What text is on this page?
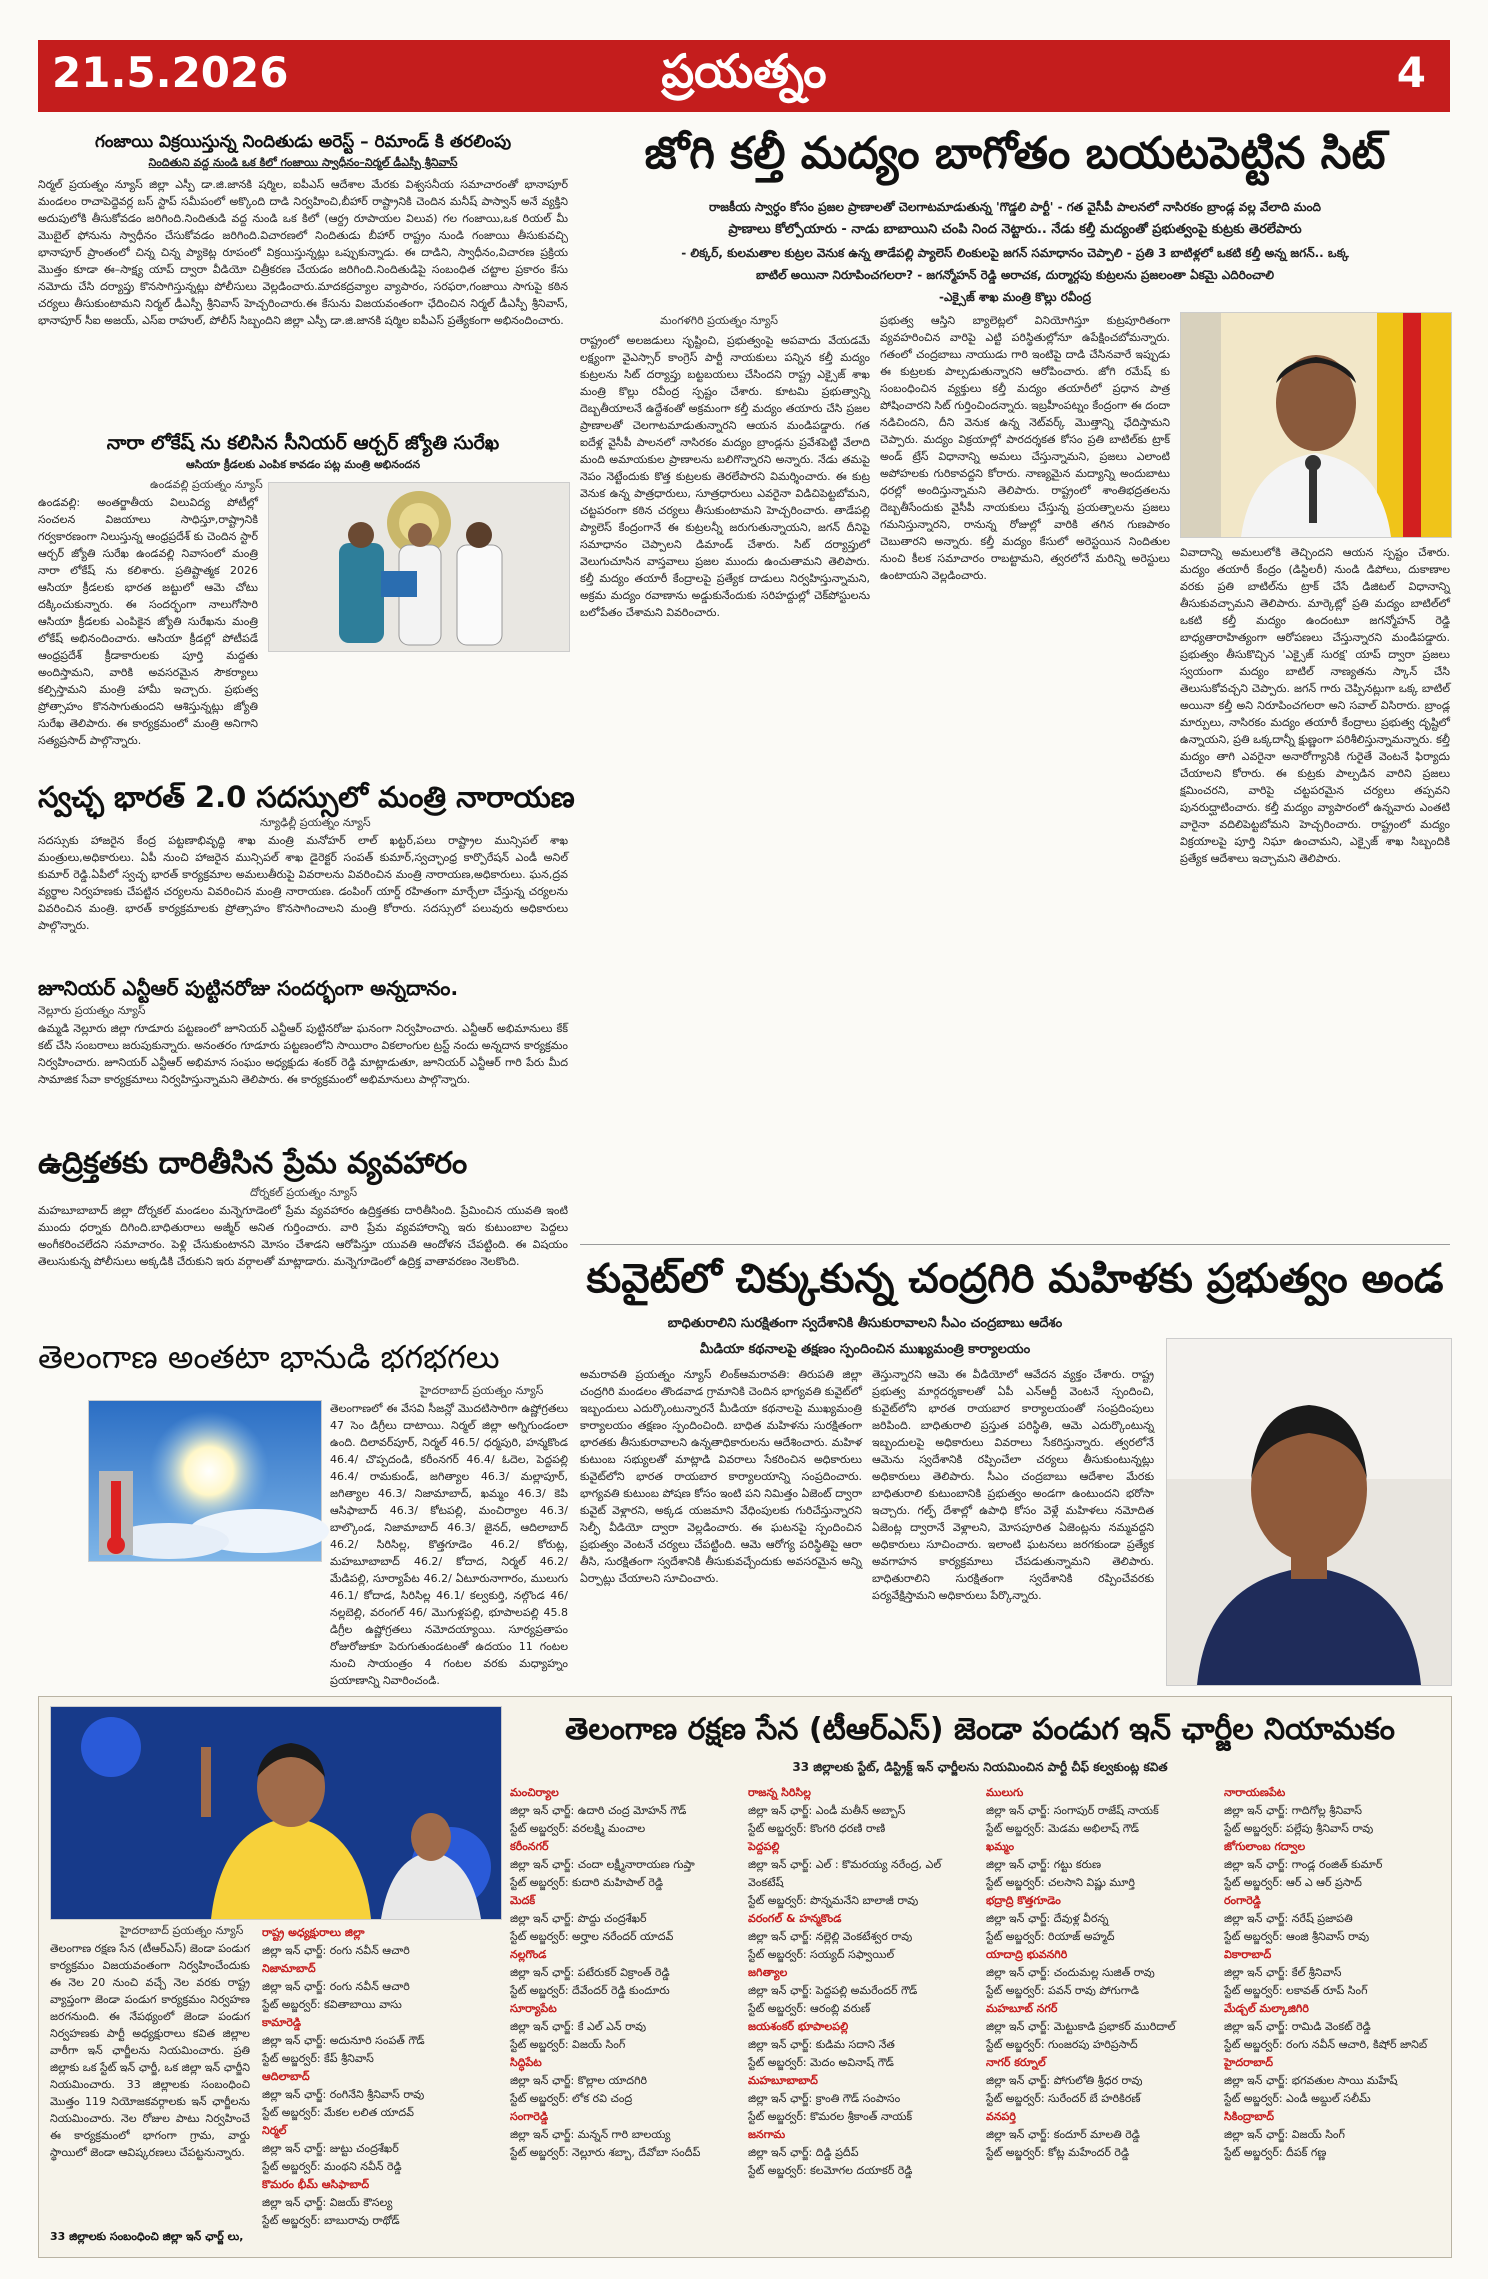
21.5.2026	ప్రయత్నం	4
గంజాయి విక్రయిస్తున్న నిందితుడు అరెస్ట్ – రిమాండ్ కి తరలింపు
నిందితుని వద్ద నుండి ఒక కిలో గంజాయి స్వాధీనం–నిర్మల్ డీఎస్పీ శ్రీనివాస్
నిర్మల్ ప్రయత్నం న్యూస్ జిల్లా ఎస్పీ డా.జి.జానకి షర్మిల, ఐపీఎస్ ఆదేశాల మేరకు విశ్వసనీయ సమాచారంతో భానాపూర్ మండలం రాచాపెద్దెవర్ల బస్ స్టాప్ సమీపంలో అక్కొంది దాడి నిర్వహించి,బీహార్ రాష్ట్రానికి చెందిన మనీష్ పాస్వాన్ అనే వ్యక్తిని అదుపులోకి తీసుకోవడం జరిగింది.నిందితుడి వద్ద నుండి ఒక కిలో (ఆర్ద్ర రూపాయల విలువ) గల గంజాయి,ఒక రియల్ మీ మొబైల్ ఫోనును స్వాధీనం చేసుకోవడం జరిగింది.విచారణలో నిందితుడు బీహార్ రాష్ట్రం నుండి గంజాయి తీసుకువచ్చి భానాపూర్ ప్రాంతంలో చిన్న చిన్న ప్యాకెట్ల రూపంలో విక్రయిస్తున్నట్లు ఒప్పుకున్నాడు. ఈ దాడిని, స్వాధీనం,విచారణ ప్రక్రియ మొత్తం కూడా ఈ–సాక్ష్య యాప్ ద్వారా వీడియో చిత్రీకరణ చేయడం జరిగింది.నిందితుడిపై సంబంధిత చట్టాల ప్రకారం కేసు నమోదు చేసి దర్యాప్తు కొనసాగిస్తున్నట్లు పోలీసులు వెల్లడించారు.మాదకద్రవ్యాల వ్యాపారం, సరఫరా,గంజాయి సాగుపై కఠిన చర్యలు తీసుకుంటామని నిర్మల్ డీఎస్పీ శ్రీనివాస్ హెచ్చరించారు.ఈ కేసును విజయవంతంగా ఛేదించిన నిర్మల్ డీఎస్పీ శ్రీనివాస్, భానాపూర్ సీఐ అజయ్, ఎస్ఐ రాహుల్, పోలీస్ సిబ్బందిని జిల్లా ఎస్పీ డా.జి.జానకి షర్మిల ఐపీఎస్ ప్రత్యేకంగా అభినందించారు.
నారా లోకేష్ ను కలిసిన సీనియర్ ఆర్చర్ జ్యోతి సురేఖ
ఆసియా క్రీడలకు ఎంపిక కావడం పట్ల మంత్రి అభినందన
ఉండవల్లి ప్రయత్నం న్యూస్
ఉండవల్లి: అంతర్జాతీయ విలువిద్య పోటీల్లో సంచలన విజయాలు సాధిస్తూ,రాష్ట్రానికి గర్వకారణంగా నిలుస్తున్న ఆంధ్రప్రదేశ్ కు చెందిన స్టార్ ఆర్చర్ జ్యోతి సురేఖ ఉండవల్లి నివాసంలో మంత్రి నారా లోకేష్ ను కలిశారు. ప్రతిష్టాత్మక 2026 ఆసియా క్రీడలకు భారత జట్టులో ఆమె చోటు దక్కించుకున్నారు. ఈ సందర్భంగా నాలుగోసారి ఆసియా క్రీడలకు ఎంపికైన జ్యోతి సురేఖను మంత్రి లోకేష్ అభినందించారు. ఆసియా క్రీడల్లో పోటీపడే ఆంధ్రప్రదేశ్ క్రీడాకారులకు పూర్తి మద్దతు అందిస్తామని, వారికి అవసరమైన సౌకర్యాలు కల్పిస్తామని మంత్రి హామీ ఇచ్చారు. ప్రభుత్వ ప్రోత్సాహం కొనసాగుతుందని ఆశిస్తున్నట్లు జ్యోతి సురేఖ తెలిపారు. ఈ కార్యక్రమంలో మంత్రి అనిగాని సత్యప్రసాద్ పాల్గొన్నారు.
స్వచ్ఛ భారత్ 2.0 సదస్సులో మంత్రి నారాయణ
న్యూఢిల్లీ ప్రయత్నం న్యూస్
సదస్సుకు హాజరైన కేంద్ర పట్టణాభివృద్ధి శాఖ మంత్రి మనోహర్ లాల్ ఖట్టర్,పలు రాష్ట్రాల మున్సిపల్ శాఖ మంత్రులు,అధికారులు. ఏపీ నుంచి హాజరైన మున్సిపల్ శాఖ డైరెక్టర్ సంపత్ కుమార్,స్వచ్ఛాంధ్ర కార్పొరేషన్ ఎండీ అనిల్ కుమార్ రెడ్డి.ఏపీలో స్వచ్ఛ భారత్ కార్యక్రమాల అమలుతీరుపై వివరాలను వివరించిన మంత్రి నారాయణ,అధికారులు. ఘన,ద్రవ వ్యర్థాల నిర్వహణకు చేపట్టిన చర్యలను వివరించిన మంత్రి నారాయణ. డంపింగ్ యార్డ్ రహితంగా మార్చేలా చేస్తున్న చర్యలను వివరించిన మంత్రి. భారత్ కార్యక్రమాలకు ప్రోత్సాహం కొనసాగించాలని మంత్రి కోరారు. సదస్సులో పలువురు అధికారులు పాల్గొన్నారు.
జూనియర్ ఎన్టీఆర్ పుట్టినరోజు సందర్భంగా అన్నదానం.
నెల్లూరు ప్రయత్నం న్యూస్
ఉమ్మడి నెల్లూరు జిల్లా గూడూరు పట్టణంలో జూనియర్ ఎన్టీఆర్ పుట్టినరోజు ఘనంగా నిర్వహించారు. ఎన్టీఆర్ అభిమానులు కేక్ కట్ చేసి సంబరాలు జరుపుకున్నారు. అనంతరం గూడూరు పట్టణంలోని సాయిరాం వికలాంగుల ట్రస్ట్ నందు అన్నదాన కార్యక్రమం నిర్వహించారు. జూనియర్ ఎన్టీఆర్ అభిమాన సంఘం అధ్యక్షుడు శంకర్ రెడ్డి మాట్లాడుతూ, జూనియర్ ఎన్టీఆర్ గారి పేరు మీద సామాజిక సేవా కార్యక్రమాలు నిర్వహిస్తున్నామని తెలిపారు. ఈ కార్యక్రమంలో అభిమానులు పాల్గొన్నారు.
ఉద్రిక్తతకు దారితీసిన ప్రేమ వ్యవహారం
దోర్నకల్ ప్రయత్నం న్యూస్
మహబూబాబాద్ జిల్లా దోర్నకల్ మండలం మన్నెగూడెంలో ప్రేమ వ్యవహారం ఉద్రిక్తతకు దారితీసింది. ప్రేమించిన యువతి ఇంటి ముందు ధర్నాకు దిగింది.బాధితురాలు అజ్మీర్ అనిత గుర్తించారు. వారి ప్రేమ వ్యవహారాన్ని ఇరు కుటుంబాల పెద్దలు అంగీకరించలేదని సమాచారం. పెళ్లి చేసుకుంటానని మోసం చేశాడని ఆరోపిస్తూ యువతి ఆందోళన చేపట్టింది. ఈ విషయం తెలుసుకున్న పోలీసులు అక్కడికి చేరుకుని ఇరు వర్గాలతో మాట్లాడారు. మన్నెగూడెంలో ఉద్రిక్త వాతావరణం నెలకొంది.
తెలంగాణ అంతటా భానుడి భగభగలు
హైదరాబాద్ ప్రయత్నం న్యూస్
తెలంగాణలో ఈ వేసవి సీజన్లో మొదటిసారిగా ఉష్ణోగ్రతలు 47 సెం డిగ్రీలు దాటాయి. నిర్మల్ జిల్లా అగ్నిగుండంలా ఉంది. దిలావర్‌పూర్, నిర్మల్ 46.5/ ధర్మపురి, హన్మకొండ 46.4/ చొప్పదండి, కరీంనగర్ 46.4/ ఓదెల, పెద్దపల్లి 46.4/ రామకుండ్, జగిత్యాల 46.3/ మల్లాపూర్, జగిత్యాల 46.3/ నిజామాబాద్, ఖమ్మం 46.3/ కెపి ఆసిఫాబాద్ 46.3/ కోటపల్లి, మంచిర్యాల 46.3/ బాల్కొండ, నిజామాబాద్ 46.3/ జైనద్, ఆదిలాబాద్ 46.2/ సిరిసిల్ల, కొత్తగూడెం 46.2/ కోరుట్ల, మహబూబాబాద్ 46.2/ కోదాద, నిర్మల్ 46.2/ మేడిపల్లి, సూర్యాపేట 46.2/ ఏటూరునాగారం, ములుగు 46.1/ కోదాడ, సిరిసిల్ల 46.1/ కల్వకుర్తి, నల్గొండ 46/ నల్లబెల్లి, వరంగల్ 46/ మొగుళ్లపల్లి, భూపాలపల్లి 45.8 డిగ్రీల ఉష్ణోగ్రతలు నమోదయ్యాయి. సూర్యప్రతాపం రోజురోజుకూ పెరుగుతుండటంతో ఉదయం 11 గంటల నుంచి సాయంత్రం 4 గంటల వరకు మధ్యాహ్నం ప్రయాణాన్ని నివారించండి.
జోగి కల్తీ మద్యం బాగోతం బయటపెట్టిన సిట్
రాజకీయ స్వార్ధం కోసం ప్రజల ప్రాణాలతో చెలగాటమాడుతున్న 'గొడ్డలి పార్టీ' - గత వైసీపీ పాలనలో నాసిరకం బ్రాండ్ల వల్ల వేలాది మంది
ప్రాణాలు కోల్పోయారు - నాడు బాబాయిని చంపి నింద నెట్టారు.. నేడు కల్తీ మద్యంతో ప్రభుత్వంపై కుట్రకు తెరలేపారు
- లిక్కర్, కులమతాల కుట్రల వెనుక ఉన్న తాడేపల్లి ప్యాలెస్ లింకులపై జగన్ సమాధానం చెప్పాలి - ప్రతి 3 బాటిళ్లలో ఒకటి కల్తీ అన్న జగన్.. ఒక్క
బాటిల్ అయినా నిరూపించగలరా? - జగన్మోహన్ రెడ్డి అరాచక, దుర్మార్గపు కుట్రలను ప్రజలంతా ఏకమై ఎదిరించాలి
-ఎక్సైజ్ శాఖ మంత్రి కొల్లు రవీంద్ర
మంగళగిరి ప్రయత్నం న్యూస్
రాష్ట్రంలో అలజడులు సృష్టించి, ప్రభుత్వంపై అపవాదు వేయడమే లక్ష్యంగా వైఎస్సార్ కాంగ్రెస్ పార్టీ నాయకులు పన్నిన కల్తీ మద్యం కుట్రలను సిట్ దర్యాప్తు బట్టబయలు చేసిందని రాష్ట్ర ఎక్సైజ్ శాఖ మంత్రి కొల్లు రవీంద్ర స్పష్టం చేశారు. కూటమి ప్రభుత్వాన్ని దెబ్బతీయాలనే ఉద్దేశంతో అక్రమంగా కల్తీ మద్యం తయారు చేసి ప్రజల ప్రాణాలతో చెలగాటమాడుతున్నారని ఆయన మండిపడ్డారు. గత ఐదేళ్ల వైసీపీ పాలనలో నాసిరకం మద్యం బ్రాండ్లను ప్రవేశపెట్టి వేలాది మంది అమాయకుల ప్రాణాలను బలిగొన్నారని అన్నారు. నేడు తమపై నెపం నెట్టేందుకు కొత్త కుట్రలకు తెరలేపారని విమర్శించారు. ఈ కుట్ర వెనుక ఉన్న పాత్రధారులు, సూత్రధారులు ఎవరైనా విడిచిపెట్టబోమని, చట్టపరంగా కఠిన చర్యలు తీసుకుంటామని హెచ్చరించారు. తాడేపల్లి ప్యాలెస్ కేంద్రంగానే ఈ కుట్రలన్నీ జరుగుతున్నాయని, జగన్ దీనిపై సమాధానం చెప్పాలని డిమాండ్ చేశారు. సిట్ దర్యాప్తులో వెలుగుచూసిన వాస్తవాలు ప్రజల ముందు ఉంచుతామని తెలిపారు. కల్తీ మద్యం తయారీ కేంద్రాలపై ప్రత్యేక దాడులు నిర్వహిస్తున్నామని, అక్రమ మద్యం రవాణాను అడ్డుకునేందుకు సరిహద్దుల్లో చెక్‌పోస్టులను బలోపేతం చేశామని వివరించారు.
ప్రభుత్వ ఆస్తిని బ్యాలెట్లలో వినియోగిస్తూ కుట్రపూరితంగా వ్యవహరించిన వారిపై ఎట్టి పరిస్థితుల్లోనూ ఉపేక్షించబోమన్నారు. గతంలో చంద్రబాబు నాయుడు గారి ఇంటిపై దాడి చేసినవారే ఇప్పుడు ఈ కుట్రలకు పాల్పడుతున్నారని ఆరోపించారు. జోగి రమేష్ కు సంబంధించిన వ్యక్తులు కల్తీ మద్యం తయారీలో ప్రధాన పాత్ర పోషించారని సిట్ గుర్తించిందన్నారు. ఇబ్రహీంపట్నం కేంద్రంగా ఈ దందా నడిచిందని, దీని వెనుక ఉన్న నెట్‌వర్క్ మొత్తాన్ని ఛేదిస్తామని చెప్పారు. మద్యం విక్రయాల్లో పారదర్శకత కోసం ప్రతి బాటిల్‌కు ట్రాక్ అండ్ ట్రేస్ విధానాన్ని అమలు చేస్తున్నామని, ప్రజలు ఎలాంటి అపోహలకు గురికావద్దని కోరారు. నాణ్యమైన మద్యాన్ని అందుబాటు ధరల్లో అందిస్తున్నామని తెలిపారు. రాష్ట్రంలో శాంతిభద్రతలను దెబ్బతీసేందుకు వైసీపీ నాయకులు చేస్తున్న ప్రయత్నాలను ప్రజలు గమనిస్తున్నారని, రానున్న రోజుల్లో వారికి తగిన గుణపాఠం చెబుతారని అన్నారు. కల్తీ మద్యం కేసులో అరెస్టయిన నిందితుల నుంచి కీలక సమాచారం రాబట్టామని, త్వరలోనే మరిన్ని అరెస్టులు ఉంటాయని వెల్లడించారు.
వివాదాన్ని అమలులోకి తెచ్చిందని ఆయన స్పష్టం చేశారు. మద్యం తయారీ కేంద్రం (డిస్టిలరీ) నుండి డిపోలు, దుకాణాల వరకు ప్రతి బాటిల్‌ను ట్రాక్ చేసే డిజిటల్ విధానాన్ని తీసుకువచ్చామని తెలిపారు. మార్కెట్లో ప్రతి మద్యం బాటిల్‌లో ఒకటి కల్తీ మద్యం ఉందంటూ జగన్మోహన్ రెడ్డి బాధ్యతారాహిత్యంగా ఆరోపణలు చేస్తున్నారని మండిపడ్డారు. ప్రభుత్వం తీసుకొచ్చిన 'ఎక్సైజ్ సురక్ష' యాప్ ద్వారా ప్రజలు స్వయంగా మద్యం బాటిల్ నాణ్యతను స్కాన్ చేసి తెలుసుకోవచ్చని చెప్పారు. జగన్ గారు చెప్పినట్లుగా ఒక్క బాటిల్ అయినా కల్తీ అని నిరూపించగలరా అని సవాల్ విసిరారు. బ్రాండ్ల మార్పులు, నాసిరకం మద్యం తయారీ కేంద్రాలు ప్రభుత్వ దృష్టిలో ఉన్నాయని, ప్రతి ఒక్కదాన్నీ క్షుణ్ణంగా పరిశీలిస్తున్నామన్నారు. కల్తీ మద్యం తాగి ఎవరైనా అనారోగ్యానికి గురైతే వెంటనే ఫిర్యాదు చేయాలని కోరారు. ఈ కుట్రకు పాల్పడిన వారిని ప్రజలు క్షమించరని, వారిపై చట్టపరమైన చర్యలు తప్పవని పునరుద్ఘాటించారు. కల్తీ మద్యం వ్యాపారంలో ఉన్నవారు ఎంతటి వారైనా వదిలిపెట్టబోమని హెచ్చరించారు. రాష్ట్రంలో మద్యం విక్రయాలపై పూర్తి నిఘా ఉంచామని, ఎక్సైజ్ శాఖ సిబ్బందికి ప్రత్యేక ఆదేశాలు ఇచ్చామని తెలిపారు.
కువైట్‌లో చిక్కుకున్న చంద్రగిరి మహిళకు ప్రభుత్వం అండ
బాధితురాలిని సురక్షితంగా స్వదేశానికి తీసుకురావాలని సీఎం చంద్రబాబు ఆదేశం
మీడియా కథనాలపై తక్షణం స్పందించిన ముఖ్యమంత్రి కార్యాలయం
అమరావతి ప్రయత్నం న్యూస్ లింక్‌ఆమరావతి: తిరుపతి జిల్లా చంద్రగిరి మండలం తొండవాడ గ్రామానికి చెందిన భాగ్యవతి కువైట్‌లో ఇబ్బందులు ఎదుర్కొంటున్నారనే మీడియా కథనాలపై ముఖ్యమంత్రి కార్యాలయం తక్షణం స్పందించింది. బాధిత మహిళను సురక్షితంగా భారతకు తీసుకురావాలని ఉన్నతాధికారులను ఆదేశించారు. మహిళ కుటుంబ సభ్యులతో మాట్లాడి వివరాలు సేకరించిన అధికారులు కువైట్‌లోని భారత రాయబార కార్యాలయాన్ని సంప్రదించారు. భాగ్యవతి కుటుంబ పోషణ కోసం ఇంటి పని నిమిత్తం ఏజెంట్ ద్వారా కువైట్ వెళ్లారని, అక్కడ యజమాని వేధింపులకు గురిచేస్తున్నారని సెల్ఫీ వీడియో ద్వారా వెల్లడించారు. ఈ ఘటనపై స్పందించిన ప్రభుత్వం వెంటనే చర్యలు చేపట్టింది. ఆమె ఆరోగ్య పరిస్థితిపై ఆరా తీసి, సురక్షితంగా స్వదేశానికి తీసుకువచ్చేందుకు అవసరమైన అన్ని ఏర్పాట్లు చేయాలని సూచించారు.
తెస్తున్నారని ఆమె ఈ వీడియోలో ఆవేదన వ్యక్తం చేశారు. రాష్ట్ర ప్రభుత్వ మార్గదర్శకాలతో ఏపీ ఎన్ఆర్టీ వెంటనే స్పందించి, కువైట్‌లోని భారత రాయబార కార్యాలయంతో సంప్రదింపులు జరిపింది. బాధితురాలి ప్రస్తుత పరిస్థితి, ఆమె ఎదుర్కొంటున్న ఇబ్బందులపై అధికారులు వివరాలు సేకరిస్తున్నారు. త్వరలోనే ఆమెను స్వదేశానికి రప్పించేలా చర్యలు తీసుకుంటున్నట్లు అధికారులు తెలిపారు. సీఎం చంద్రబాబు ఆదేశాల మేరకు బాధితురాలి కుటుంబానికి ప్రభుత్వం అండగా ఉంటుందని భరోసా ఇచ్చారు. గల్ఫ్ దేశాల్లో ఉపాధి కోసం వెళ్లే మహిళలు నమోదిత ఏజెంట్ల ద్వారానే వెళ్లాలని, మోసపూరిత ఏజెంట్లను నమ్మవద్దని అధికారులు సూచించారు. ఇలాంటి ఘటనలు జరగకుండా ప్రత్యేక అవగాహన కార్యక్రమాలు చేపడుతున్నామని తెలిపారు. బాధితురాలిని సురక్షితంగా స్వదేశానికి రప్పించేవరకు పర్యవేక్షిస్తామని అధికారులు పేర్కొన్నారు.
తెలంగాణ రక్షణ సేన (టీఆర్ఎస్) జెండా పండుగ ఇన్ ఛార్జీల నియామకం
33 జిల్లాలకు స్టేట్, డిస్ట్రిక్ట్ ఇన్ ఛార్జీలను నియమించిన పార్టీ చీఫ్ కల్వకుంట్ల కవిత
హైదరాబాద్ ప్రయత్నం న్యూస్
తెలంగాణ రక్షణ సేన (టీఆర్ఎస్) జెండా పండుగ కార్యక్రమం విజయవంతంగా నిర్వహించేందుకు ఈ నెల 20 నుంచి వచ్చే నెల వరకు రాష్ట్ర వ్యాప్తంగా జెండా పండుగ కార్యక్రమం నిర్వహణ జరగనుంది. ఈ నేపథ్యంలో జెండా పండుగ నిర్వహణకు పార్టీ అధ్యక్షురాలు కవిత జిల్లాల వారీగా ఇన్ ఛార్జీలను నియమించారు. ప్రతి జిల్లాకు ఒక స్టేట్ ఇన్ ఛార్జీ, ఒక జిల్లా ఇన్ ఛార్జీని నియమించారు. 33 జిల్లాలకు సంబంధించి మొత్తం 119 నియోజకవర్గాలకు ఇన్ ఛార్జీలను నియమించారు. నెల రోజుల పాటు నిర్వహించే ఈ కార్యక్రమంలో భాగంగా గ్రామ, వార్డు స్థాయిలో జెండా ఆవిష్కరణలు చేపట్టనున్నారు.
33 జిల్లాలకు సంబంధించి జిల్లా ఇన్ ఛార్జ్ లు,
రాష్ట్ర అధ్యక్షురాలు జిల్లా
జిల్లా ఇన్ ఛార్జ్: రంగు నవీన్ ఆచారి
నిజామాబాద్
జిల్లా ఇన్ ఛార్జ్: రంగు నవీన్ ఆచారి
స్టేట్ అబ్జర్వర్: కవితాబాయి వాసు
కామారెడ్డి
జిల్లా ఇన్ ఛార్జ్: అదునూరి సంపత్ గౌడ్
స్టేట్ అబ్జర్వర్: కేప్ శ్రీనివాస్
ఆదిలాబాద్
జిల్లా ఇన్ ఛార్జ్: రంగినేని శ్రీనివాస్ రావు
స్టేట్ అబ్జర్వర్: మేకల లలిత యాదవ్
నిర్మల్
జిల్లా ఇన్ ఛార్జ్: జుట్టు చంద్రశేఖర్
స్టేట్ అబ్జర్వర్: మంథని నవీన్ రెడ్డి
కొమరం భీమ్ ఆసిఫాబాద్
జిల్లా ఇన్ ఛార్జ్: విజయ్ కౌసల్య
స్టేట్ అబ్జర్వర్: బాబురావు రాథోడ్
మంచిర్యాల
జిల్లా ఇన్ ఛార్జ్: ఉదారి చంద్ర మోహన్ గౌడ్
స్టేట్ అబ్జర్వర్: వరలక్ష్మి మంచాల
కరీంనగర్
జిల్లా ఇన్ ఛార్జ్: చందా లక్ష్మీనారాయణ గుప్తా
స్టేట్ అబ్జర్వర్: కుదారి మహిపాల్ రెడ్డి
మెదక్
జిల్లా ఇన్ ఛార్జ్: పొద్దు చంద్రశేఖర్
స్టేట్ అబ్జర్వర్: అర్హాల నరేందర్ యాదవ్
నల్లగొండ
జిల్లా ఇన్ ఛార్జ్: పటేరుకర్ విక్రాంత్ రెడ్డి
స్టేట్ అబ్జర్వర్: దేవేందర్ రెడ్డి కుందూరు
సూర్యాపేట
జిల్లా ఇన్ ఛార్జ్: కే ఎల్ ఎన్ రావు
స్టేట్ అబ్జర్వర్: విజయ్ సింగ్
సిద్ధిపేట
జిల్లా ఇన్ ఛార్జ్: కొల్లాల యాదగిరి
స్టేట్ అబ్జర్వర్: లోక రవి చంద్ర
సంగారెడ్డి
జిల్లా ఇన్ ఛార్జ్: మన్నన్ గారి బాలయ్య
స్టేట్ అబ్జర్వర్: నెల్లూరు శబ్బా, దేవోబా సందీప్
రాజన్న సిరిసిల్ల
జిల్లా ఇన్ ఛార్జ్: ఎండీ మతీన్ అబ్బాస్
స్టేట్ అబ్జర్వర్: కొంగరి ధరణి రాణి
పెద్దపల్లి
జిల్లా ఇన్ ఛార్జ్: ఎల్ : కొమరయ్య నరేంద్ర, ఎల్ వెంకటేష్
స్టేట్ అబ్జర్వర్: పొన్నమనేని బాలాజీ రావు
వరంగల్ & హన్మకొండ
జిల్లా ఇన్ ఛార్జ్: నల్లెల్లి వెంకటేశ్వర రావు
స్టేట్ అబ్జర్వర్: సయ్యద్ సఫ్వాయిల్
జగిత్యాల
జిల్లా ఇన్ ఛార్జ్: పెద్దపల్లి అమరేందర్ గౌడ్
స్టేట్ అబ్జర్వర్: ఆరంబ్లి వరుణ్
జయశంకర్ భూపాలపల్లి
జిల్లా ఇన్ ఛార్జ్: కుడిమ సదాని నేత
స్టేట్ అబ్జర్వర్: మెదం అవినాష్ గౌడ్
మహబూబాబాద్
జిల్లా ఇన్ ఛార్జ్: క్రాంతి గౌడ్ సంపాసం
స్టేట్ అబ్జర్వర్: కొమరల శ్రీకాంత్ నాయక్
జనగామ
జిల్లా ఇన్ ఛార్జ్: దిడ్డి ప్రదీప్
స్టేట్ అబ్జర్వర్: కలమోగల దయాకర్ రెడ్డి
ములుగు
జిల్లా ఇన్ ఛార్జ్: సంగాపుర్ రాజేష్ నాయక్
స్టేట్ అబ్జర్వర్: మెడమ అభిలాష్ గౌడ్
ఖమ్మం
జిల్లా ఇన్ ఛార్జ్: గట్టు కరుణ
స్టేట్ అబ్జర్వర్: చలసాని విష్ణు మూర్తి
భద్రాద్రి కొత్తగూడెం
జిల్లా ఇన్ ఛార్జ్: దేవుళ్ల వీరన్న
స్టేట్ అబ్జర్వర్: రియాజ్ అహ్మద్
యాదాద్రి భువనగిరి
జిల్లా ఇన్ ఛార్జ్: చందుమల్ల సుజిత్ రావు
స్టేట్ అబ్జర్వర్: పవన్ రావు పోగుగాడి
మహబూబ్ నగర్
జిల్లా ఇన్ ఛార్జ్: మెట్టుకాడి ప్రభాకర్ మురిదాల్
స్టేట్ అబ్జర్వర్: గుంజరపు హరిప్రసాద్
నాగర్ కర్నూల్
జిల్లా ఇన్ ఛార్జ్: పోగులోతి శ్రీధర రావు
స్టేట్ అబ్జర్వర్: సురేందర్ బే హరికిరణ్
వనపర్తి
జిల్లా ఇన్ ఛార్జ్: కందూర్ మాలతి రెడ్డి
స్టేట్ అబ్జర్వర్: కోట్ల మహేందర్ రెడ్డి
నారాయణపేట
జిల్లా ఇన్ ఛార్జ్: గాదిగోల్ల శ్రీనివాస్
స్టేట్ అబ్జర్వర్: పల్లేపు శ్రీనివాస్ రావు
జోగులాంబ గద్వాల
జిల్లా ఇన్ ఛార్జ్: గాండ్ల రంజిత్ కుమార్
స్టేట్ అబ్జర్వర్: ఆర్ ఎ ఆర్ ప్రసాద్
రంగారెడ్డి
జిల్లా ఇన్ ఛార్జ్: నరేష్ ప్రజాపతి
స్టేట్ అబ్జర్వర్: ఆంజి శ్రీనివాస్ రావు
వికారాబాద్
జిల్లా ఇన్ ఛార్జ్: కేల్ శ్రీనివాస్
స్టేట్ అబ్జర్వర్: లకావత్ రూప్ సింగ్
మేడ్చల్ మల్కాజిగిరి
జిల్లా ఇన్ ఛార్జ్: రామిడి వెంకట్ రెడ్డి
స్టేట్ అబ్జర్వర్: రంగు నవీన్ ఆచారి, కిషోర్ జానిబ్
హైదరాబాద్
జిల్లా ఇన్ ఛార్జ్: భగవతుల సాయి మహేష్
స్టేట్ అబ్జర్వర్: ఎండీ అబ్దుల్ సలీమ్
సికింద్రాబాద్
జిల్లా ఇన్ ఛార్జ్: విజయ్ సింగ్
స్టేట్ అబ్జర్వర్: దీపక్ గణ్ణ
